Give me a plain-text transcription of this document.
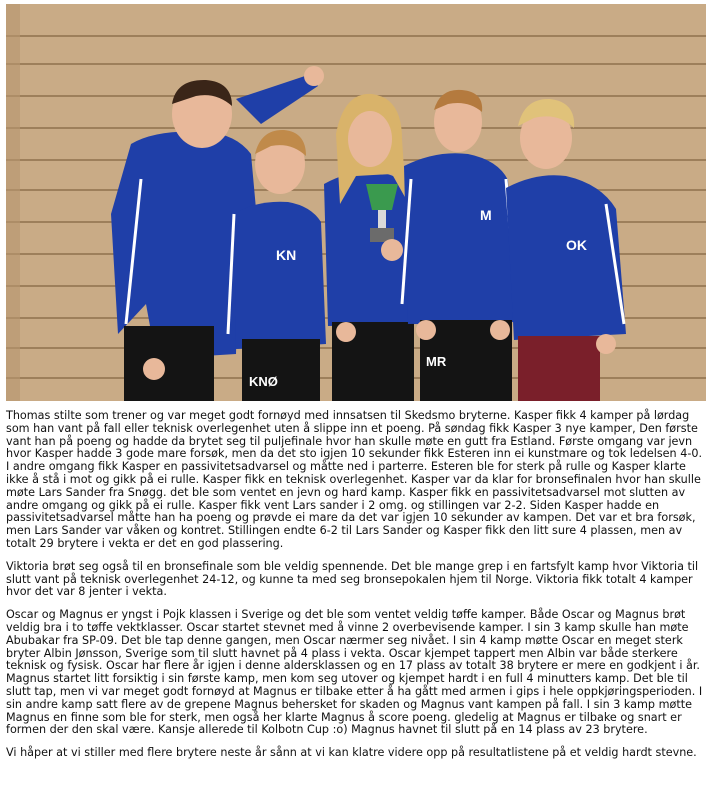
KN
M
OK
KNØ
MR

Thomas stilte som trener og var meget godt fornøyd med innsatsen til Skedsmo bryterne. Kasper fikk 4 kamper på lørdag som han vant på fall eller teknisk overlegenhet uten å slippe inn et poeng. På søndag fikk Kasper 3 nye kamper, Den første vant han på poeng og hadde da brytet seg til puljefinale hvor han skulle møte en gutt fra Estland. Første omgang var jevn hvor Kasper hadde 3 gode mare forsøk, men da det sto igjen 10 sekunder fikk Esteren inn ei kunstmare og tok ledelsen 4-0. I andre omgang fikk Kasper en passivitetsadvarsel og måtte ned i parterre. Esteren ble for sterk på rulle og Kasper klarte ikke å stå i mot og gikk på ei rulle. Kasper fikk en teknisk overlegenhet. Kasper var da klar for bronsefinalen hvor han skulle møte Lars Sander fra Snøgg. det ble som ventet en jevn og hard kamp. Kasper fikk en passivitetsadvarsel mot slutten av andre omgang og gikk på ei rulle. Kasper fikk vent Lars sander i 2 omg. og stillingen var 2-2. Siden Kasper hadde en passivitetsadvarsel måtte han ha poeng og prøvde ei mare da det var igjen 10 sekunder av kampen. Det var et bra forsøk, men Lars Sander var våken og kontret. Stillingen endte 6-2 til Lars Sander og Kasper fikk den litt sure 4 plassen, men av totalt 29 brytere i vekta er det en god plassering.

Viktoria brøt seg også til en bronsefinale som ble veldig spennende. Det ble mange grep i en fartsfylt kamp hvor Viktoria til slutt vant på teknisk overlegenhet 24-12, og kunne ta med seg bronsepokalen hjem til Norge. Viktoria fikk totalt 4 kamper hvor det var 8 jenter i vekta.

Oscar og Magnus er yngst i Pojk klassen i Sverige og det ble som ventet veldig tøffe kamper. Både Oscar og Magnus brøt veldig bra i to tøffe vektklasser. Oscar startet stevnet med å vinne 2 overbevisende kamper. I sin 3 kamp skulle han møte Abubakar fra SP-09. Det ble tap denne gangen, men Oscar nærmer seg nivået. I sin 4 kamp møtte Oscar en meget sterk bryter Albin Jønsson, Sverige som til slutt havnet på 4 plass i vekta. Oscar kjempet tappert men Albin var både sterkere teknisk og fysisk. Oscar har flere år igjen i denne aldersklassen og en 17 plass av totalt 38 brytere er mere en godkjent i år. Magnus startet litt forsiktig i sin første kamp, men kom seg utover og kjempet hardt i en full 4 minutters kamp. Det ble til slutt tap, men vi var meget godt fornøyd at Magnus er tilbake etter å ha gått med armen i gips i hele oppkjøringsperioden. I sin andre kamp satt flere av de grepene Magnus behersket for skaden og Magnus vant kampen på fall. I sin 3 kamp møtte Magnus en finne som ble for sterk, men også her klarte Magnus å score poeng. gledelig at Magnus er tilbake og snart er formen der den skal være. Kansje allerede til Kolbotn Cup :o) Magnus havnet til slutt på en 14 plass av 23 brytere.

Vi håper at vi stiller med flere brytere neste år sånn at vi kan klatre videre opp på resultatlistene på et veldig hardt stevne.
